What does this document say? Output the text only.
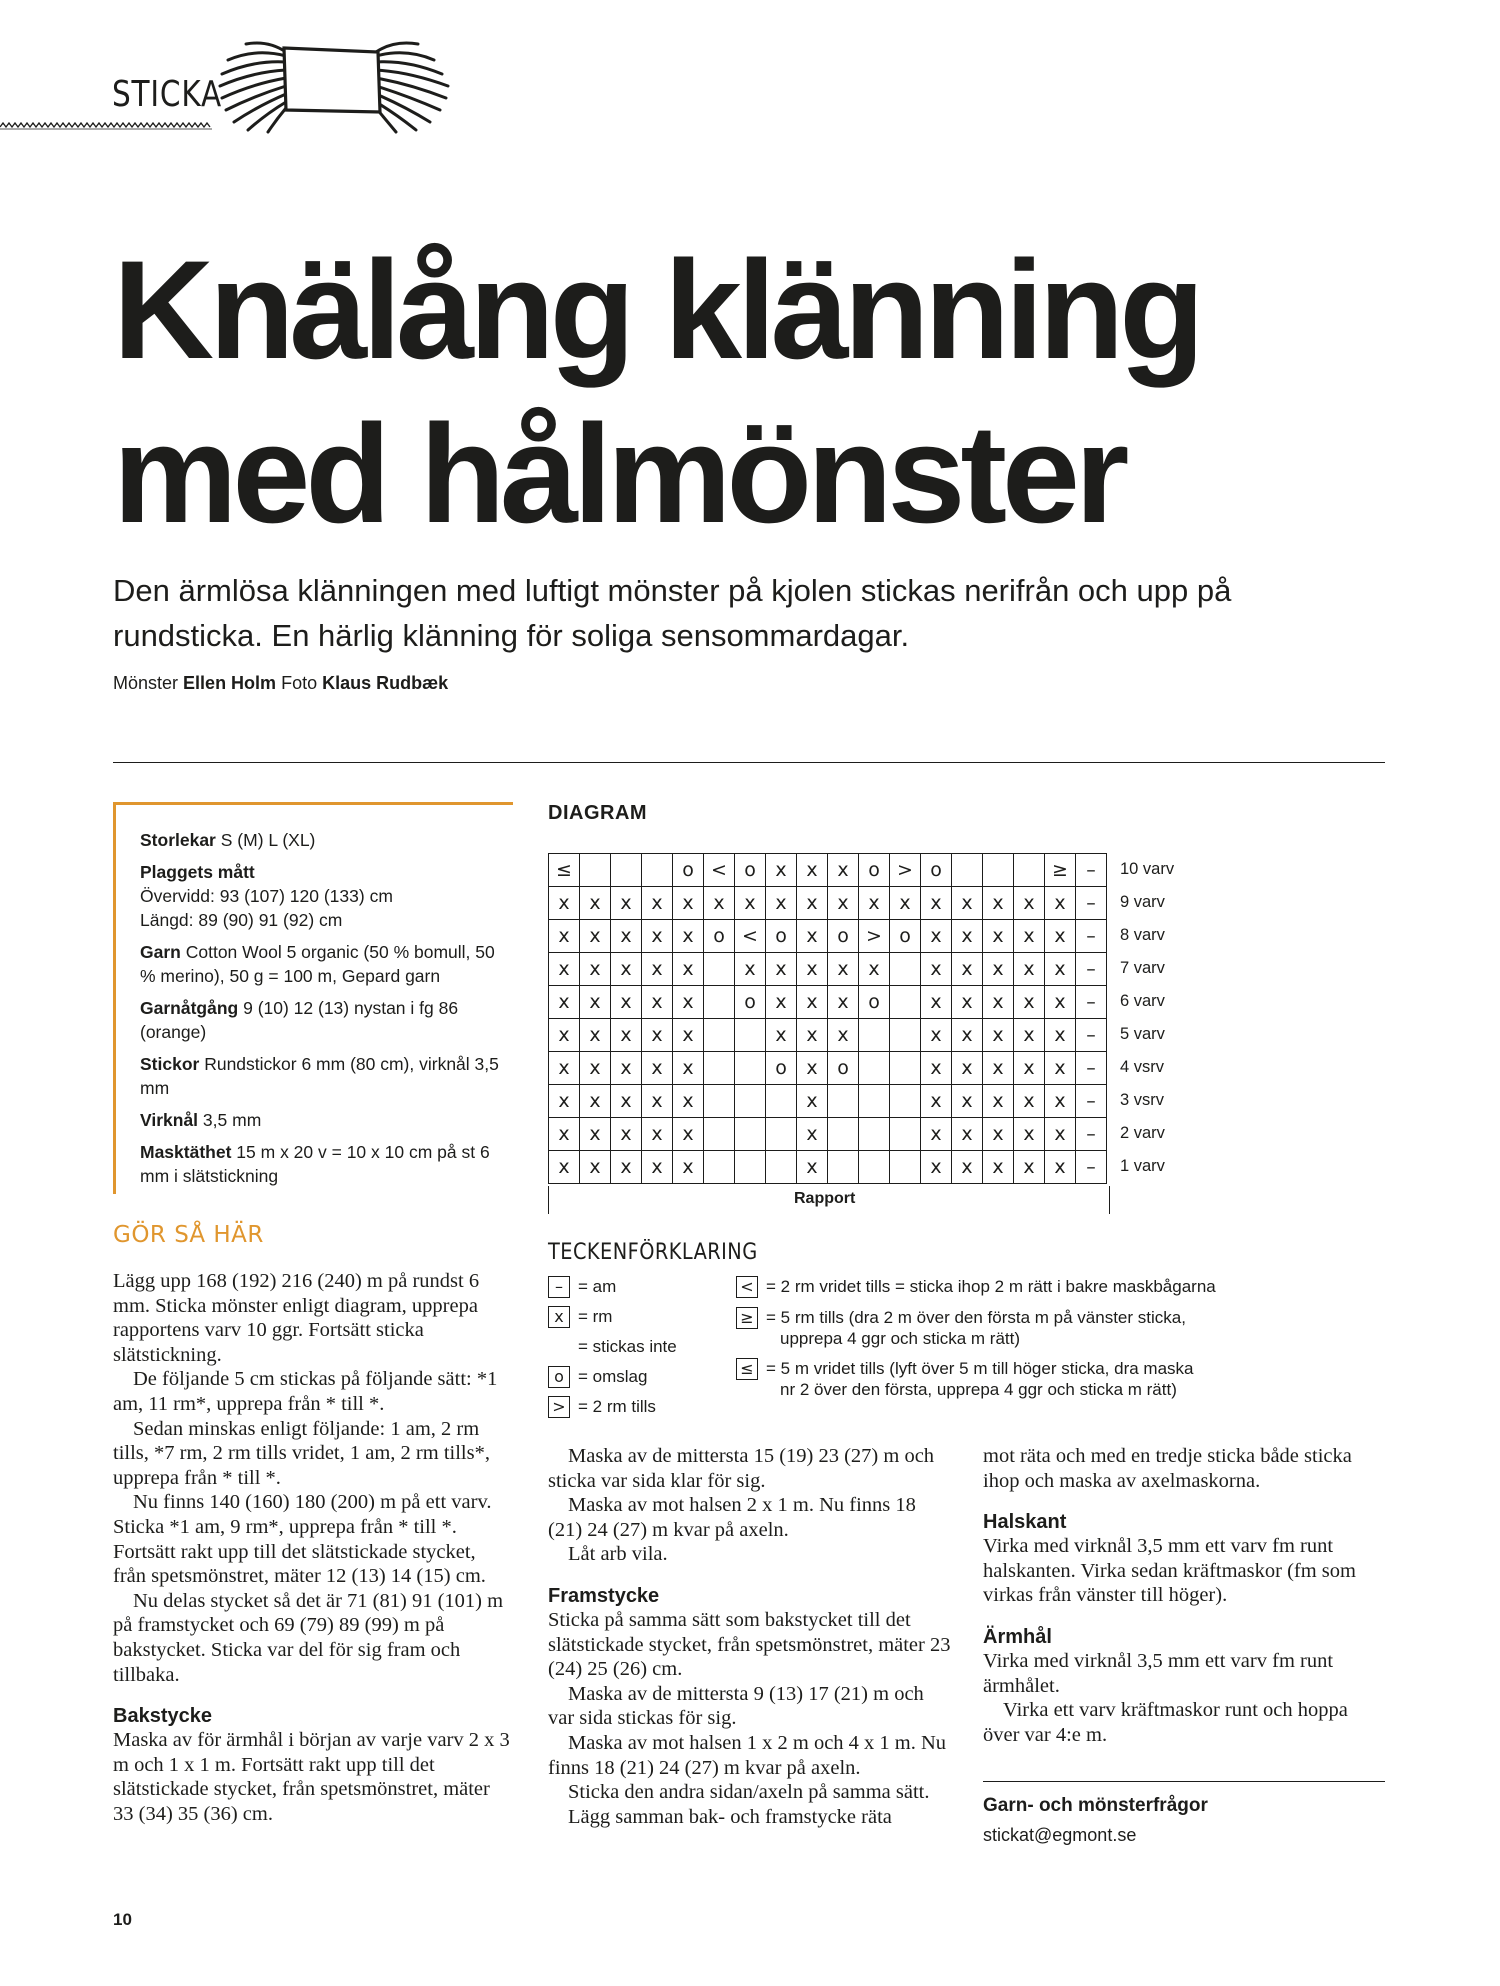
STICKA
Knälång klänning
med hålmönster
Den ärmlösa klänningen med luftigt mönster på kjolen stickas nerifrån och upp på rundsticka. En härlig klänning för soliga sensommardagar.
Mönster Ellen Holm Foto Klaus Rudbæk
Storlekar S (M) L (XL)
Plaggets mått
Övervidd: 93 (107) 120 (133) cm
Längd: 89 (90) 91 (92) cm
Garn Cotton Wool 5 organic (50 % bomull, 50 % merino), 50 g = 100 m, Gepard garn
Garnåtgång 9 (10) 12 (13) nystan i fg 86 (orange)
Stickor Rundstickor 6 mm (80 cm), virknål 3,5 mm
Virknål 3,5 mm
Masktäthet 15 m x 20 v = 10 x 10 cm på st 6 mm i slätstickning
GÖR SÅ HÄR

Lägg upp 168 (192) 216 (240) m på rundst 6 mm. Sticka mönster enligt diagram, upprepa rapportens varv 10 ggr. Fortsätt sticka slätstickning.

De följande 5 cm stickas på följande sätt: *1 am, 11 rm*, upprepa från * till *.

Sedan minskas enligt följande: 1 am, 2 rm tills, *7 rm, 2 rm tills vridet, 1 am, 2 rm tills*, upprepa från * till *.

Nu finns 140 (160) 180 (200) m på ett varv. Sticka *1 am, 9 rm*, upprepa från * till *. Fortsätt rakt upp till det slätstickade stycket, från spetsmönstret, mäter 12 (13) 14 (15) cm.

Nu delas stycket så det är 71 (81) 91 (101) m på framstycket och 69 (79) 89 (99) m på bakstycket. Sticka var del för sig fram och tillbaka.

Bakstycke

Maska av för ärmhål i början av varje varv 2 x 3 m och 1 x 1 m. Fortsätt rakt upp till det slätstickade stycket, från spetsmönstret, mäter 33 (34) 35 (36) cm.

Maska av de mittersta 15 (19) 23 (27) m och sticka var sida klar för sig.

Maska av mot halsen 2 x 1 m. Nu finns 18 (21) 24 (27) m kvar på axeln.

Låt arb vila.

Framstycke

Sticka på samma sätt som bakstycket till det slätstickade stycket, från spetsmönstret, mäter 23 (24) 25 (26) cm.

Maska av de mittersta 9 (13) 17 (21) m och var sida stickas för sig.

Maska av mot halsen 1 x 2 m och 4 x 1 m. Nu finns 18 (21) 24 (27) m kvar på axeln.

Sticka den andra sidan/axeln på samma sätt.

Lägg samman bak- och framstycke räta

mot räta och med en tredje sticka både sticka ihop och maska av axelmaskorna.

Halskant

Virka med virknål 3,5 mm ett varv fm runt halskanten. Virka sedan kräftmaskor (fm som virkas från vänster till höger).

Ärmhål

Virka med virknål 3,5 mm ett varv fm runt ärmhålet.

Virka ett varv kräftmaskor runt och hoppa över var 4:e m.

Garn- och mönsterfrågor
stickat@egmont.se
DIAGRAM
≤				o	<	o	x	x	x	o	>	o				≥	–
x	x	x	x	x	x	x	x	x	x	x	x	x	x	x	x	x	–
x	x	x	x	x	o	<	o	x	o	>	o	x	x	x	x	x	–
x	x	x	x	x		x	x	x	x	x		x	x	x	x	x	–
x	x	x	x	x		o	x	x	x	o		x	x	x	x	x	–
x	x	x	x	x			x	x	x			x	x	x	x	x	–
x	x	x	x	x			o	x	o			x	x	x	x	x	–
x	x	x	x	x				x				x	x	x	x	x	–
x	x	x	x	x				x				x	x	x	x	x	–
x	x	x	x	x				x				x	x	x	x	x	–
10 varv
9 varv
8 varv
7 varv
6 varv
5 varv
4 vsrv
3 vsrv
2 varv
1 varv
Rapport
TECKENFÖRKLARING
– = am
x = rm
= stickas inte
o = omslag
> = 2 rm tills
< = 2 rm vridet tills = sticka ihop 2 m rätt i bakre maskbågarna
≥ = 5 rm tills (dra 2 m över den första m på vänster sticka,
upprepa 4 ggr och sticka m rätt)
≤ = 5 m vridet tills (lyft över 5 m till höger sticka, dra maska
nr 2 över den första, upprepa 4 ggr och sticka m rätt)
10
